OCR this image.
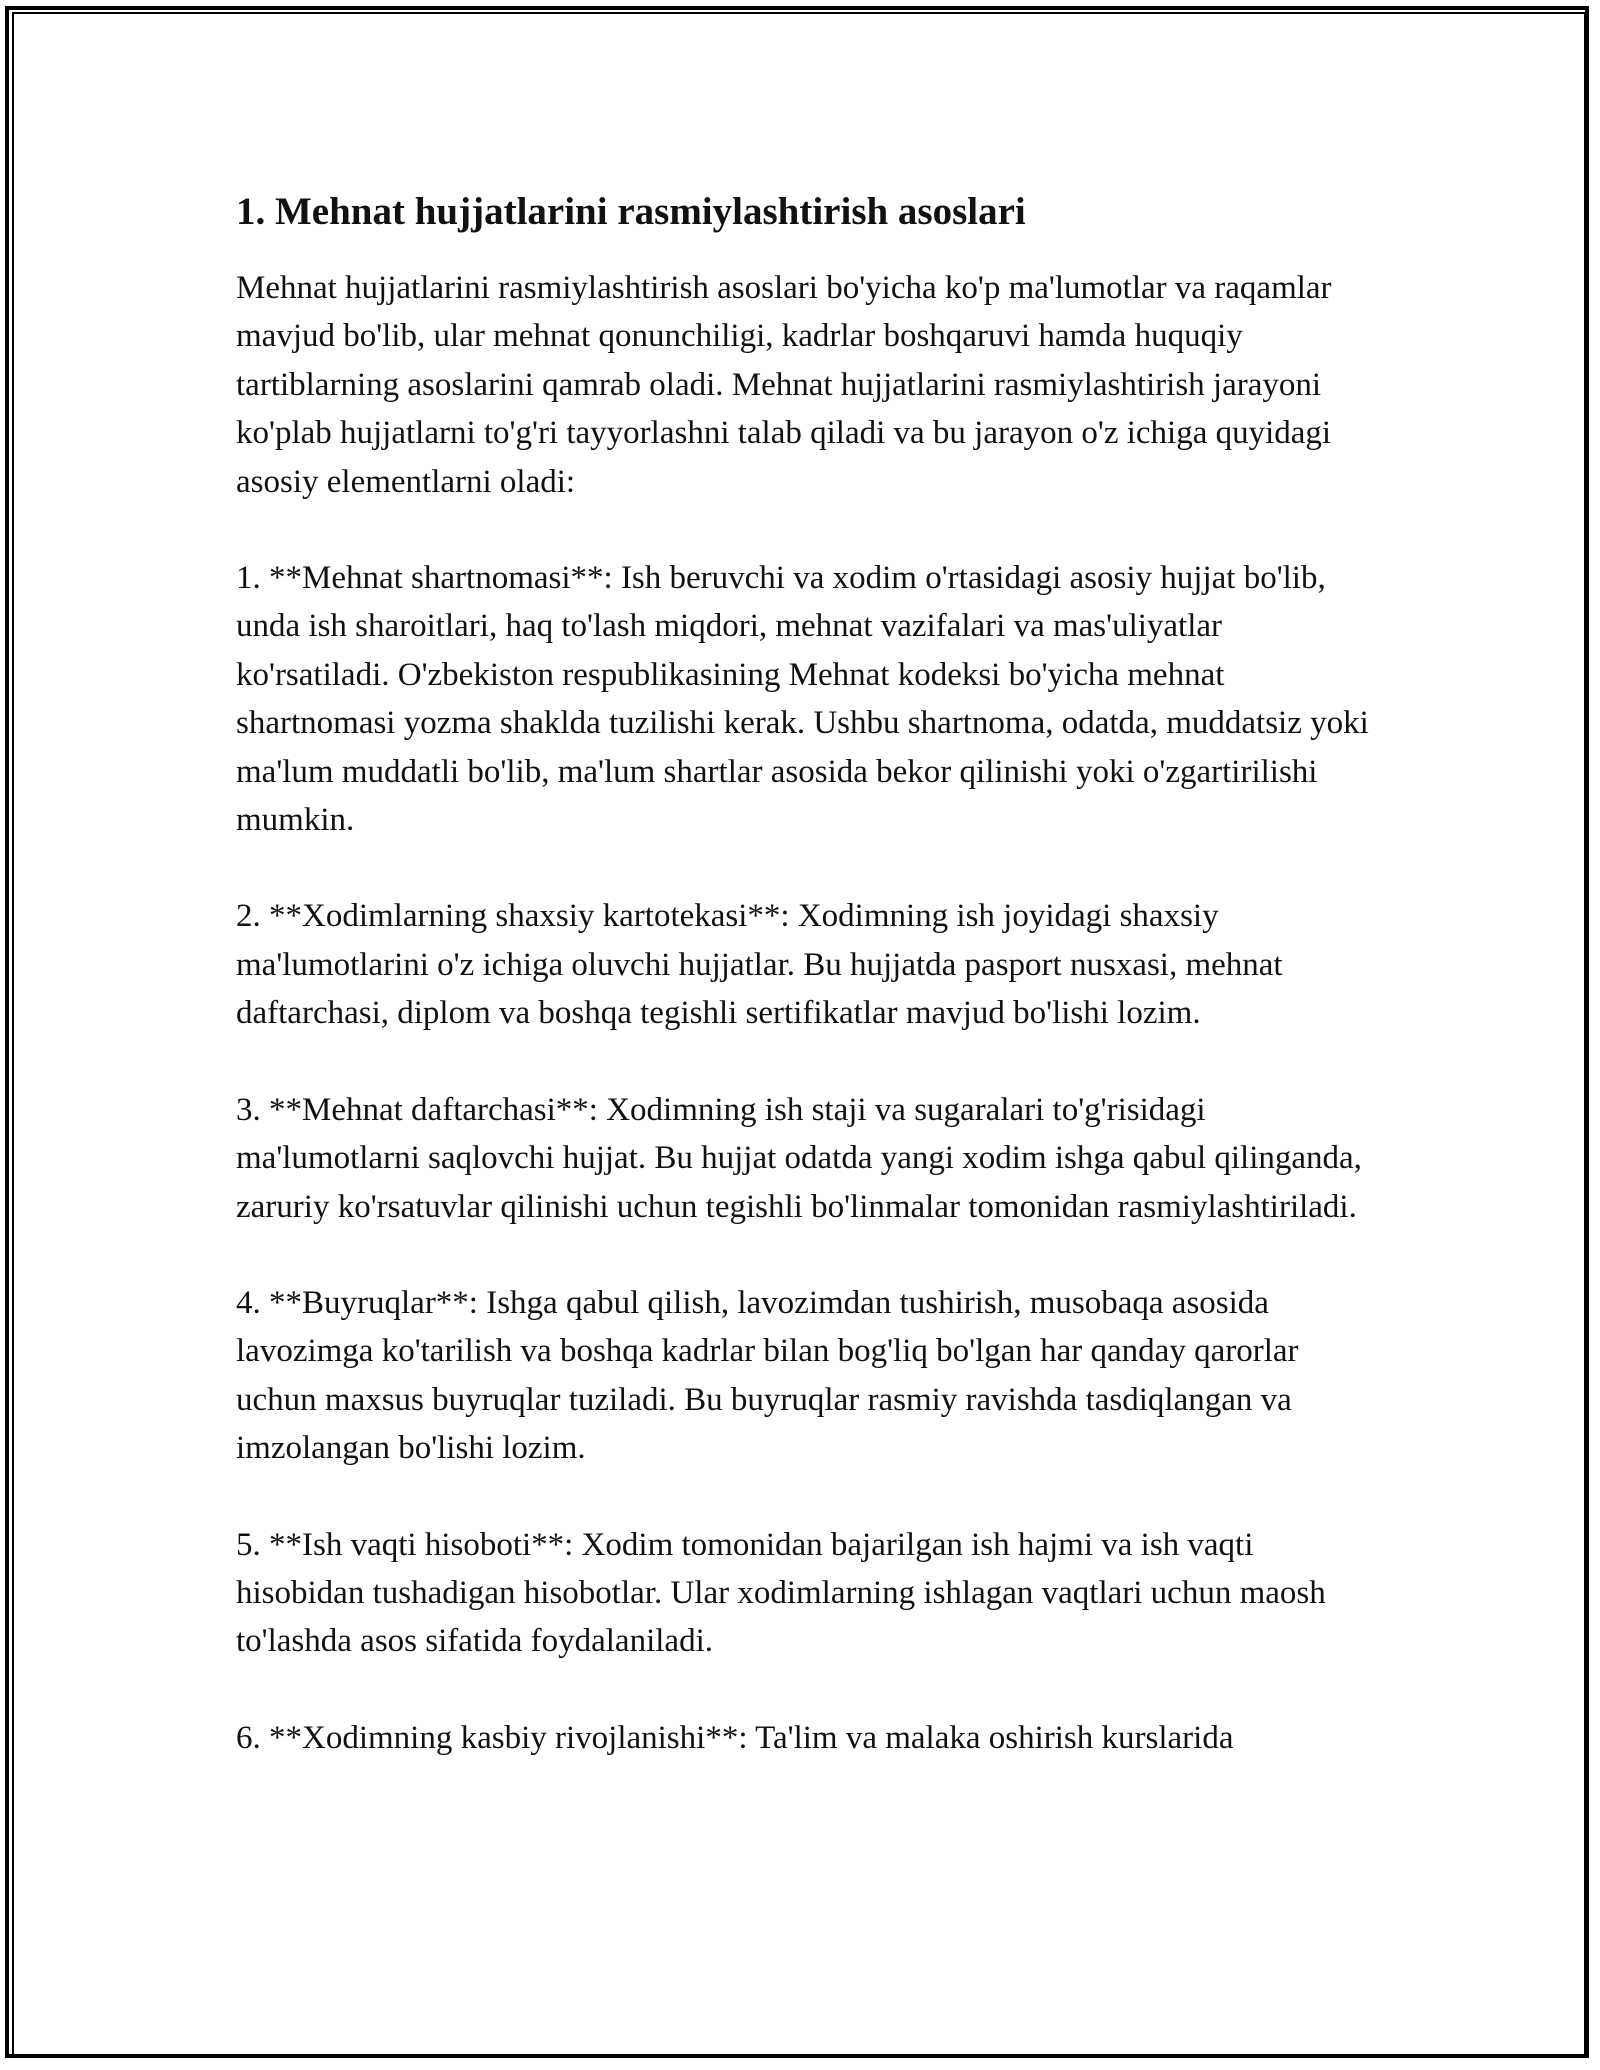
1. Mehnat hujjatlarini rasmiylashtirish asoslari

Mehnat hujjatlarini rasmiylashtirish asoslari bo'yicha ko'p ma'lumotlar va raqamlar mavjud bo'lib, ular mehnat qonunchiligi, kadrlar boshqaruvi hamda huquqiy tartiblarning asoslarini qamrab oladi. Mehnat hujjatlarini rasmiylashtirish jarayoni ko'plab hujjatlarni to'g'ri tayyorlashni talab qiladi va bu jarayon o'z ichiga quyidagi asosiy elementlarni oladi:

1. **Mehnat shartnomasi**: Ish beruvchi va xodim o'rtasidagi asosiy hujjat bo'lib, unda ish sharoitlari, haq to'lash miqdori, mehnat vazifalari va mas'uliyatlar ko'rsatiladi. O'zbekiston respublikasining Mehnat kodeksi bo'yicha mehnat shartnomasi yozma shaklda tuzilishi kerak. Ushbu shartnoma, odatda, muddatsiz yoki ma'lum muddatli bo'lib, ma'lum shartlar asosida bekor qilinishi yoki o'zgartirilishi mumkin.

2. **Xodimlarning shaxsiy kartotekasi**: Xodimning ish joyidagi shaxsiy ma'lumotlarini o'z ichiga oluvchi hujjatlar. Bu hujjatda pasport nusxasi, mehnat daftarchasi, diplom va boshqa tegishli sertifikatlar mavjud bo'lishi lozim.

3. **Mehnat daftarchasi**: Xodimning ish staji va sugaralari to'g'risidagi ma'lumotlarni saqlovchi hujjat. Bu hujjat odatda yangi xodim ishga qabul qilinganda, zaruriy ko'rsatuvlar qilinishi uchun tegishli bo'linmalar tomonidan rasmiylashtiriladi.

4. **Buyruqlar**: Ishga qabul qilish, lavozimdan tushirish, musobaqa asosida lavozimga ko'tarilish va boshqa kadrlar bilan bog'liq bo'lgan har qanday qarorlar uchun maxsus buyruqlar tuziladi. Bu buyruqlar rasmiy ravishda tasdiqlangan va imzolangan bo'lishi lozim.

5. **Ish vaqti hisoboti**: Xodim tomonidan bajarilgan ish hajmi va ish vaqti hisobidan tushadigan hisobotlar. Ular xodimlarning ishlagan vaqtlari uchun maosh to'lashda asos sifatida foydalaniladi.

6. **Xodimning kasbiy rivojlanishi**: Ta'lim va malaka oshirish kurslarida
